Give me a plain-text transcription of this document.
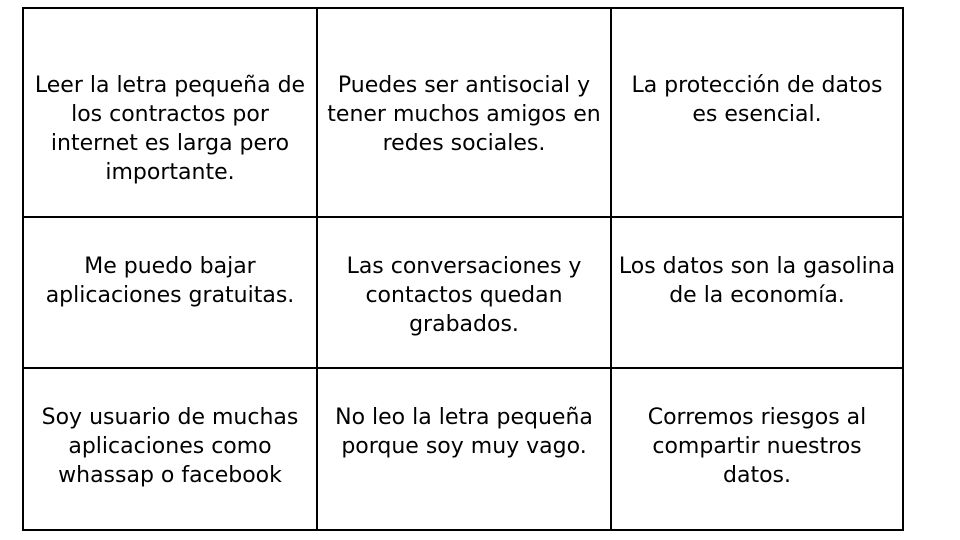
Leer la letra pequeña de los contractos por internet es larga pero importante.
Puedes ser antisocial y tener muchos amigos en redes sociales.
La protección de datos es esencial.
Me puedo bajar aplicaciones gratuitas.
Las conversaciones y contactos quedan grabados.
Los datos son la gasolina de la economía.
Soy usuario de muchas aplicaciones como whassap o facebook
No leo la letra pequeña porque soy muy vago.
Corremos riesgos al compartir nuestros datos.
